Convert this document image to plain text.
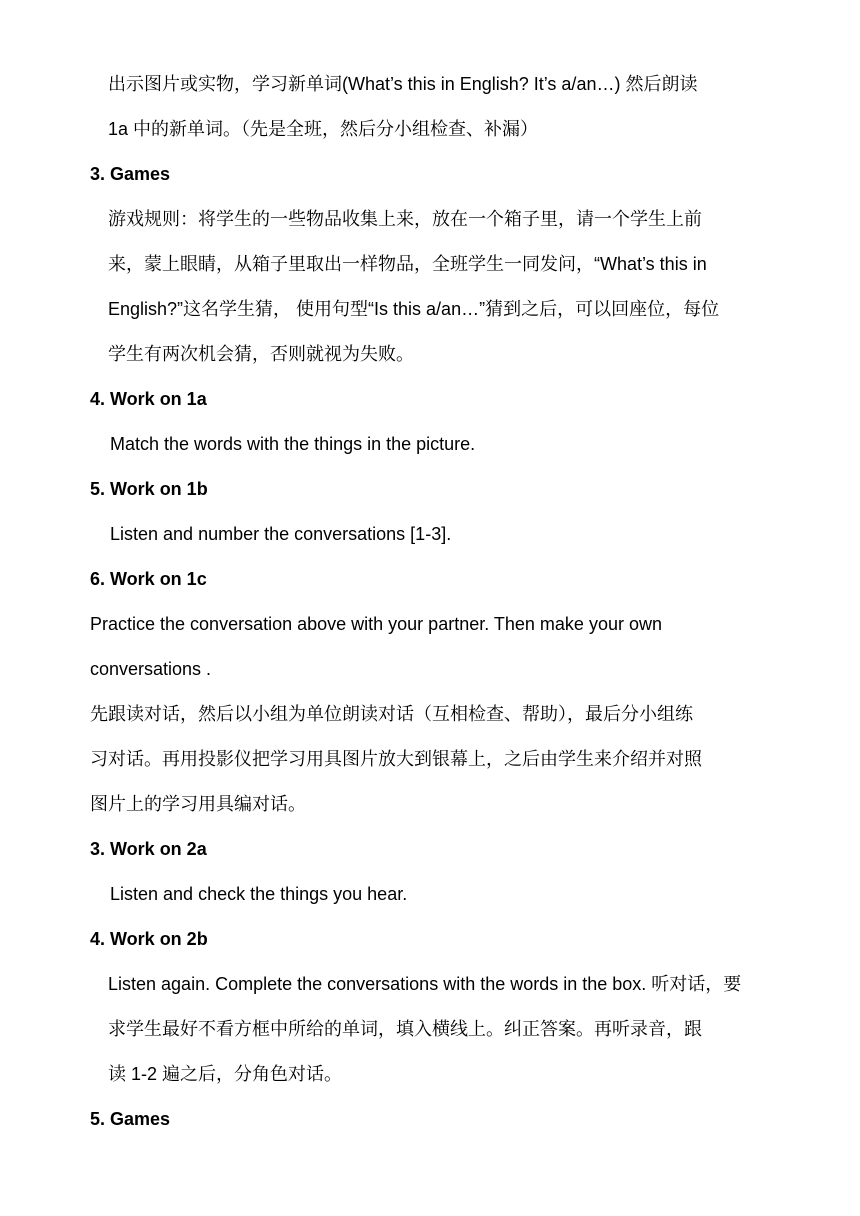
出示图片或实物，学习新单词(What’s this in English? It’s a/an…) 然后朗读
1a 中的新单词。（先是全班，然后分小组检查、补漏）
3. Games
游戏规则：将学生的一些物品收集上来，放在一个箱子里，请一个学生上前
来，蒙上眼睛，从箱子里取出一样物品，全班学生一同发问，“What’s this in
English?”这名学生猜， 使用句型“Is this a/an…”猜到之后，可以回座位，每位
学生有两次机会猜，否则就视为失败。
4. Work on 1a
Match the words with the things in the picture.
5. Work on 1b
Listen and number the conversations [1-3].
6. Work on 1c
Practice the conversation above with your partner. Then make your own
conversations .
先跟读对话，然后以小组为单位朗读对话（互相检查、帮助），最后分小组练
习对话。再用投影仪把学习用具图片放大到银幕上，之后由学生来介绍并对照
图片上的学习用具编对话。
3. Work on 2a
Listen and check the things you hear.
4. Work on 2b
Listen again. Complete the conversations with the words in the box. 听对话，要
求学生最好不看方框中所给的单词，填入横线上。纠正答案。再听录音，跟
读 1-2 遍之后，分角色对话。
5. Games
